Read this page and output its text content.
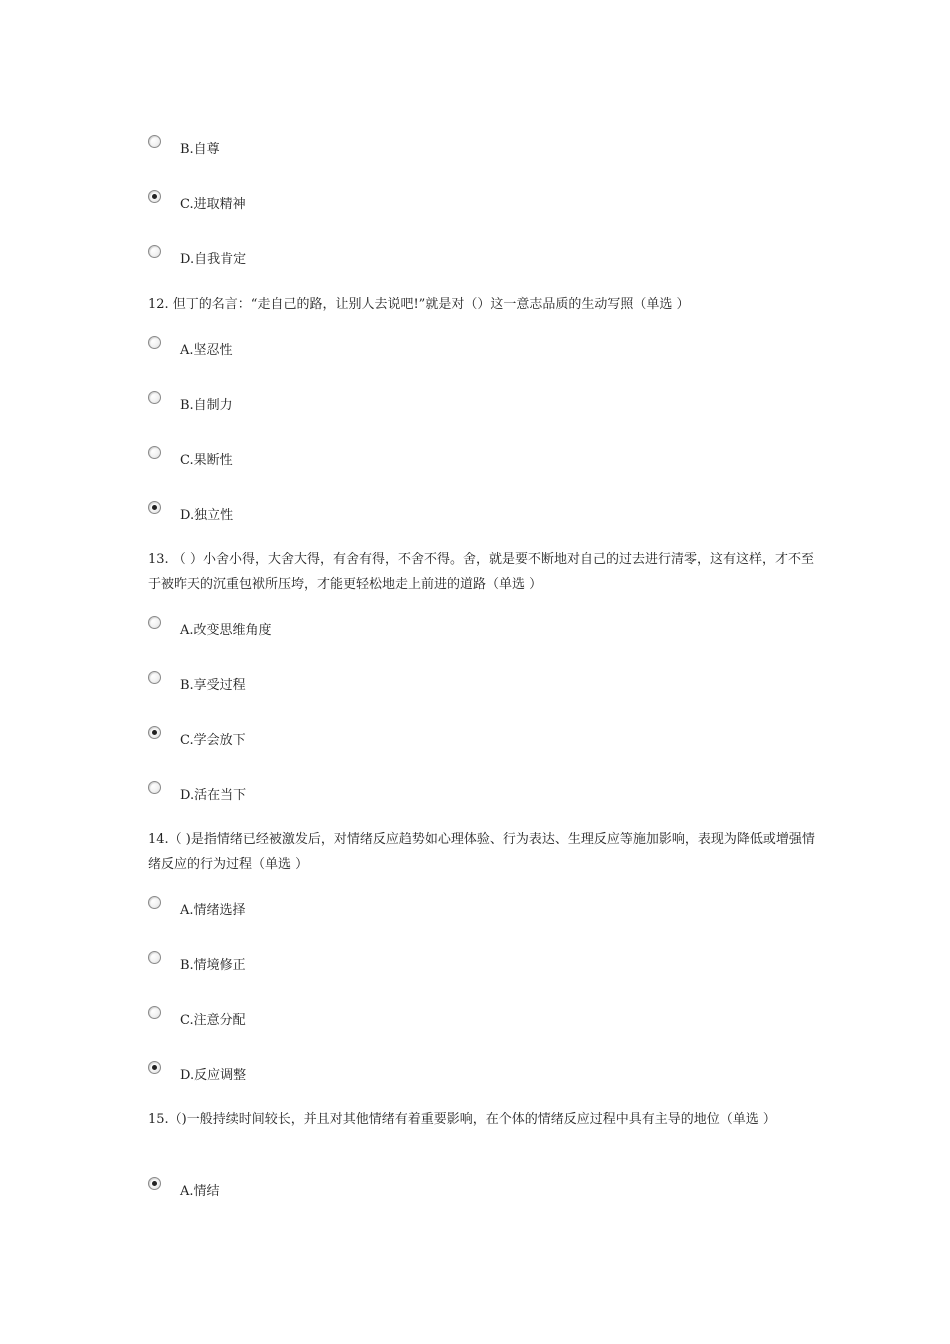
B.自尊
C.进取精神
D.自我肯定
12. 但丁的名言：“走自己的路，让别人去说吧!”就是对（）这一意志品质的生动写照（单选 ）
A.坚忍性
B.自制力
C.果断性
D.独立性
13. （ ）小舍小得，大舍大得，有舍有得，不舍不得。舍，就是要不断地对自己的过去进行清零，这有这样，才不至于被昨天的沉重包袱所压垮，才能更轻松地走上前进的道路（单选 ）
A.改变思维角度
B.享受过程
C.学会放下
D.活在当下
14.（ )是指情绪已经被激发后，对情绪反应趋势如心理体验、行为表达、生理反应等施加影响，表现为降低或增强情绪反应的行为过程（单选 ）
A.情绪选择
B.情境修正
C.注意分配
D.反应调整
15.（)一般持续时间较长，并且对其他情绪有着重要影响，在个体的情绪反应过程中具有主导的地位（单选 ）
A.情结
